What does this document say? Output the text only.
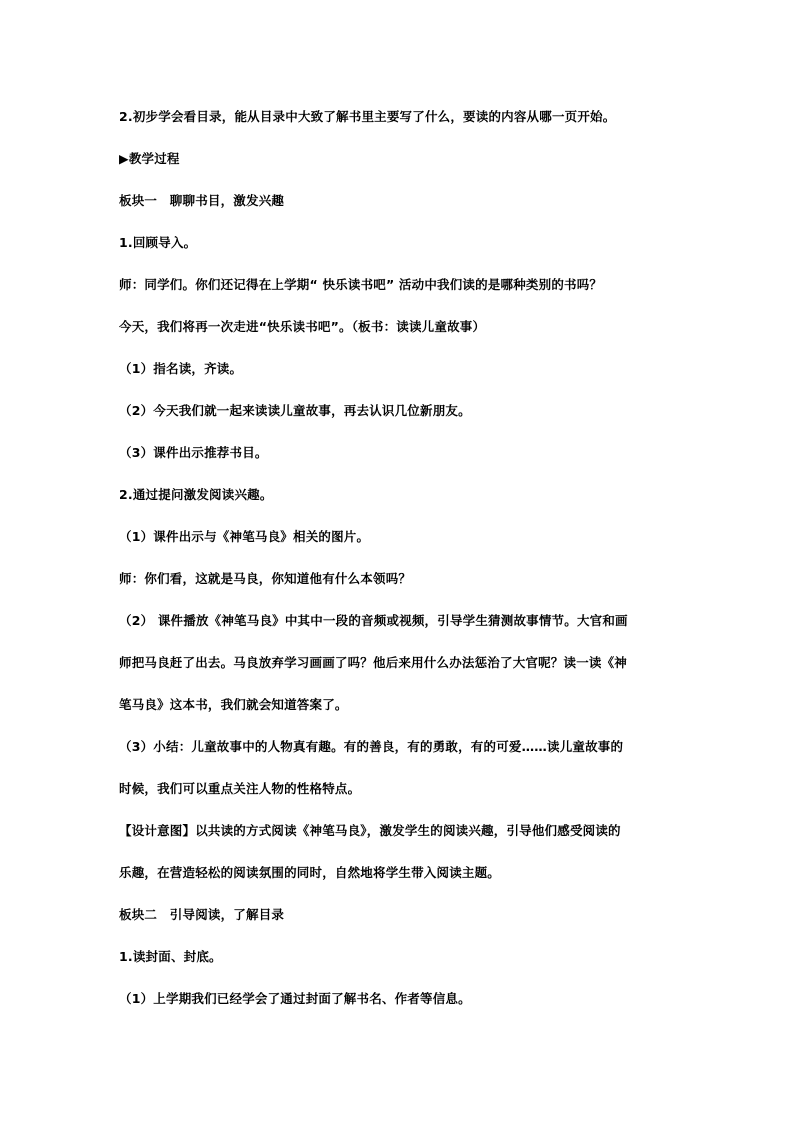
2.初步学会看目录，能从目录中大致了解书里主要写了什么，要读的内容从哪一页开始。
▶教学过程
板块一　聊聊书目，激发兴趣
1.回顾导入。
师：同学们。你们还记得在上学期“ 快乐读书吧” 活动中我们读的是哪种类别的书吗？
今天，我们将再一次走进“快乐读书吧”。（板书：读读儿童故事）
（1）指名读，齐读。
（2）今天我们就一起来读读儿童故事，再去认识几位新朋友。
（3）课件出示推荐书目。
2.通过提问激发阅读兴趣。
（1）课件出示与《神笔马良》相关的图片。
师：你们看，这就是马良，你知道他有什么本领吗？
（2） 课件播放《神笔马良》中其中一段的音频或视频，引导学生猜测故事情节。大官和画
师把马良赶了出去。马良放弃学习画画了吗？他后来用什么办法惩治了大官呢？读一读《神
笔马良》这本书，我们就会知道答案了。
（3）小结：儿童故事中的人物真有趣。有的善良，有的勇敢，有的可爱……读儿童故事的
时候，我们可以重点关注人物的性格特点。
【设计意图】以共读的方式阅读《神笔马良》，激发学生的阅读兴趣，引导他们感受阅读的
乐趣，在营造轻松的阅读氛围的同时，自然地将学生带入阅读主题。
板块二　引导阅读，了解目录
1.读封面、封底。
（1）上学期我们已经学会了通过封面了解书名、作者等信息。
